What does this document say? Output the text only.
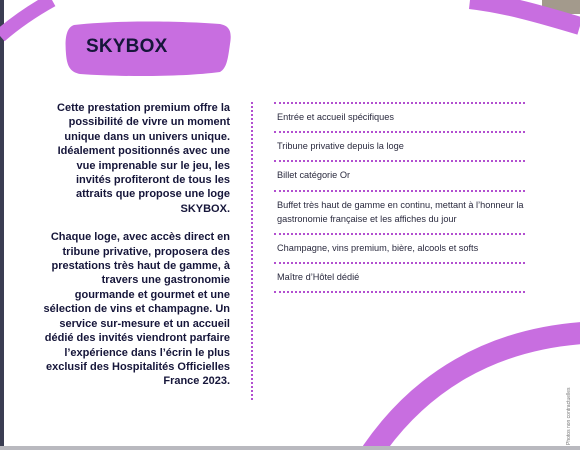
SKYBOX

Cette prestation premium offre la possibilité de vivre un moment unique dans un univers unique. Idéalement positionnés avec une vue imprenable sur le jeu, les invités profiteront de tous les attraits que propose une loge SKYBOX.

Chaque loge, avec accès direct en tribune privative, proposera des prestations très haut de gamme, à travers une gastronomie gourmande et gourmet et une sélection de vins et champagne. Un service sur-mesure et un accueil dédié des invités viendront parfaire l’expérience dans l’écrin le plus exclusif des Hospitalités Officielles France 2023.

Entrée et accueil spécifiques
Tribune privative depuis la loge
Billet catégorie Or
Buffet très haut de gamme en continu, mettant à l’honneur la gastronomie française et les affiches du jour
Champagne, vins premium, bière, alcools et softs
Maître d’Hôtel dédié
Photos non contractuelles
